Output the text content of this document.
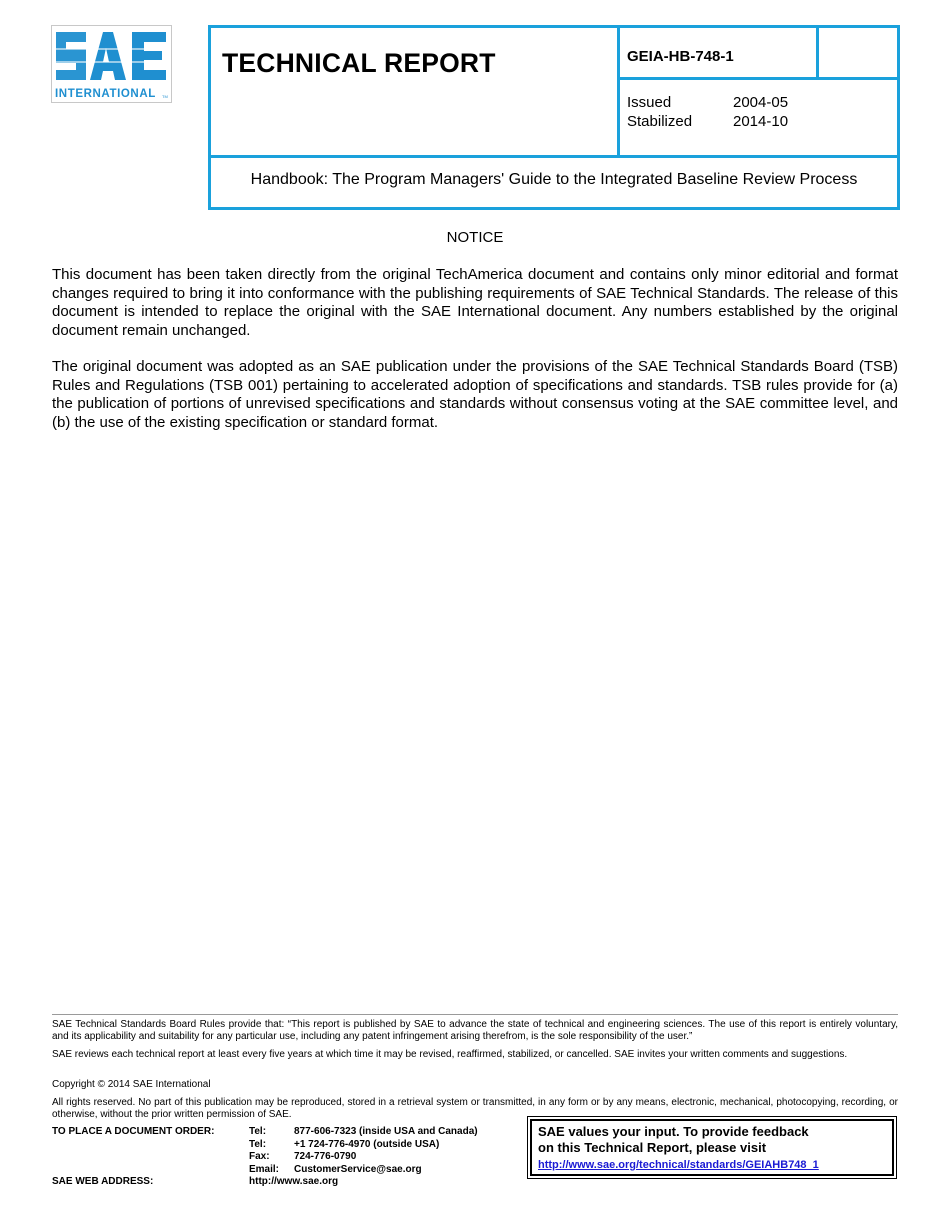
INTERNATIONAL TM
TECHNICAL REPORT	GEIA-HB-748-1
Issued	2004-05
Stabilized	2014-10
Handbook: The Program Managers' Guide to the Integrated Baseline Review Process
NOTICE

This document has been taken directly from the original TechAmerica document and contains only minor editorial and format changes required to bring it into conformance with the publishing requirements of SAE Technical Standards. The release of this document is intended to replace the original with the SAE International document. Any numbers established by the original document remain unchanged.

The original document was adopted as an SAE publication under the provisions of the SAE Technical Standards Board (TSB) Rules and Regulations (TSB 001) pertaining to accelerated adoption of specifications and standards. TSB rules provide for (a) the publication of portions of unrevised specifications and standards without consensus voting at the SAE committee level, and (b) the use of the existing specification or standard format.

SAE Technical Standards Board Rules provide that: “This report is published by SAE to advance the state of technical and engineering sciences. The use of this report is entirely voluntary, and its applicability and suitability for any particular use, including any patent infringement arising therefrom, is the sole responsibility of the user.”

SAE reviews each technical report at least every five years at which time it may be revised, reaffirmed, stabilized, or cancelled. SAE invites your written comments and suggestions.

Copyright © 2014 SAE International

All rights reserved. No part of this publication may be reproduced, stored in a retrieval system or transmitted, in any form or by any means, electronic, mechanical, photocopying, recording, or otherwise, without the prior written permission of SAE.

TO PLACE A DOCUMENT ORDER:	Tel:	877-606-7323 (inside USA and Canada)
Tel:	+1 724-776-4970 (outside USA)
Fax: 724-776-0790
Email: CustomerService@sae.org
SAE WEB ADDRESS:	http://www.sae.org
SAE values your input. To provide feedback
on this Technical Report, please visit
http://www.sae.org/technical/standards/GEIAHB748_1
